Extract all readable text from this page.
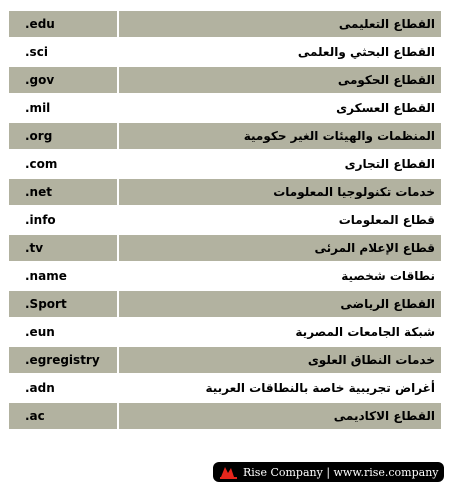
.edu	القطاع التعليمى
.sci	القطاع البحثي والعلمى
.gov	القطاع الحكومى
.mil	القطاع العسكرى
.org	المنظمات والهيئات الغير حكومية
.com	القطاع التجارى
.net	خدمات تكنولوجيا المعلومات
.info	قطاع المعلومات
.tv	قطاع الإعلام المرئى
.name	نطاقات شخصية
.Sport	القطاع الرياضى
.eun	شبكة الجامعات المصرية
.egregistry	خدمات النطاق العلوى
.adn	أغراض تجريبية خاصة بالنطاقات العربية
.ac	القطاع الاكاديمى
Rise Company | www.rise.company
